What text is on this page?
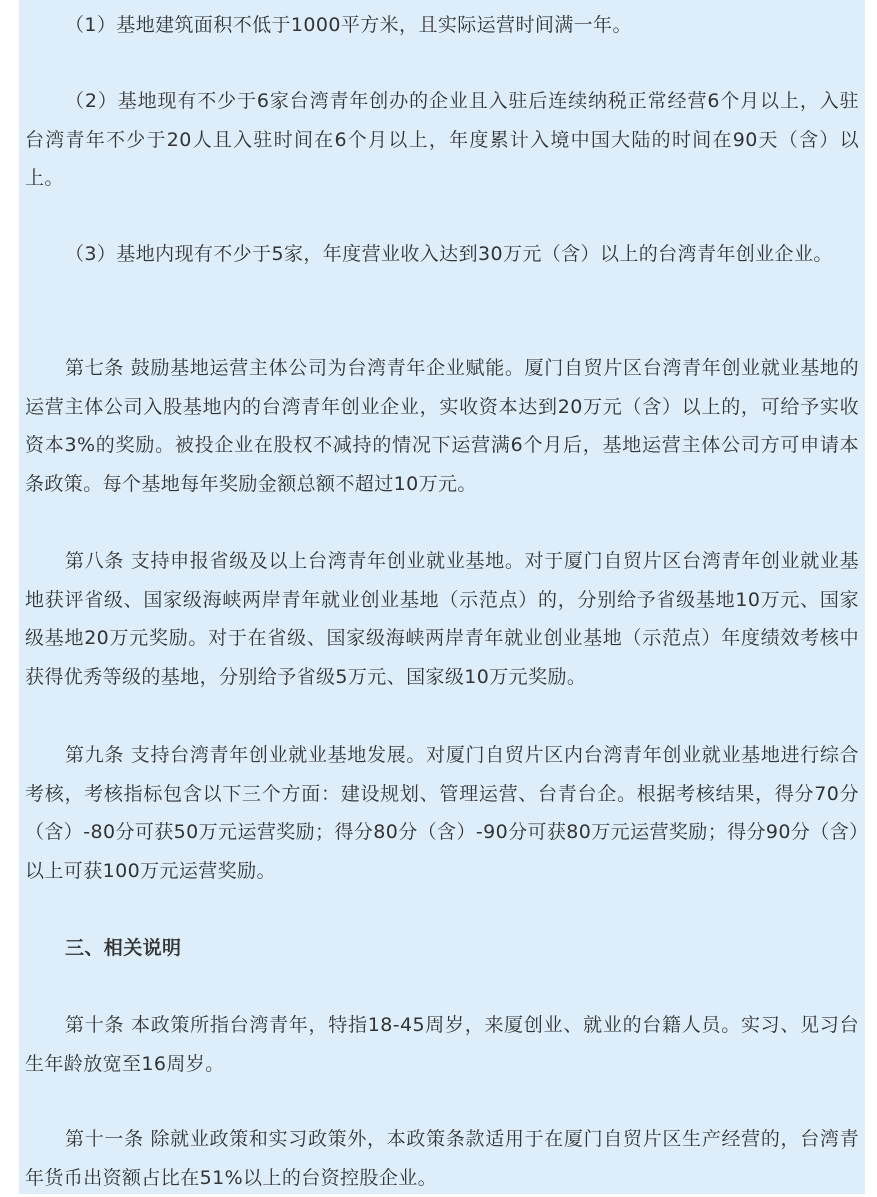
（1）基地建筑面积不低于1000平方米，且实际运营时间满一年。

（2）基地现有不少于6家台湾青年创办的企业且入驻后连续纳税正常经营6个月以上，入驻台湾青年不少于20人且入驻时间在6个月以上，年度累计入境中国大陆的时间在90天（含）以上。

（3）基地内现有不少于5家，年度营业收入达到30万元（含）以上的台湾青年创业企业。

第七条 鼓励基地运营主体公司为台湾青年企业赋能。厦门自贸片区台湾青年创业就业基地的运营主体公司入股基地内的台湾青年创业企业，实收资本达到20万元（含）以上的，可给予实收资本3%的奖励。被投企业在股权不减持的情况下运营满6个月后，基地运营主体公司方可申请本条政策。每个基地每年奖励金额总额不超过10万元。

第八条 支持申报省级及以上台湾青年创业就业基地。对于厦门自贸片区台湾青年创业就业基地获评省级、国家级海峡两岸青年就业创业基地（示范点）的，分别给予省级基地10万元、国家级基地20万元奖励。对于在省级、国家级海峡两岸青年就业创业基地（示范点）年度绩效考核中获得优秀等级的基地，分别给予省级5万元、国家级10万元奖励。

第九条 支持台湾青年创业就业基地发展。对厦门自贸片区内台湾青年创业就业基地进行综合考核，考核指标包含以下三个方面：建设规划、管理运营、台青台企。根据考核结果，得分70分（含）-80分可获50万元运营奖励；得分80分（含）-90分可获80万元运营奖励；得分90分（含）以上可获100万元运营奖励。

三、相关说明

第十条 本政策所指台湾青年，特指18-45周岁，来厦创业、就业的台籍人员。实习、见习台生年龄放宽至16周岁。

第十一条 除就业政策和实习政策外，本政策条款适用于在厦门自贸片区生产经营的，台湾青年货币出资额占比在51%以上的台资控股企业。
